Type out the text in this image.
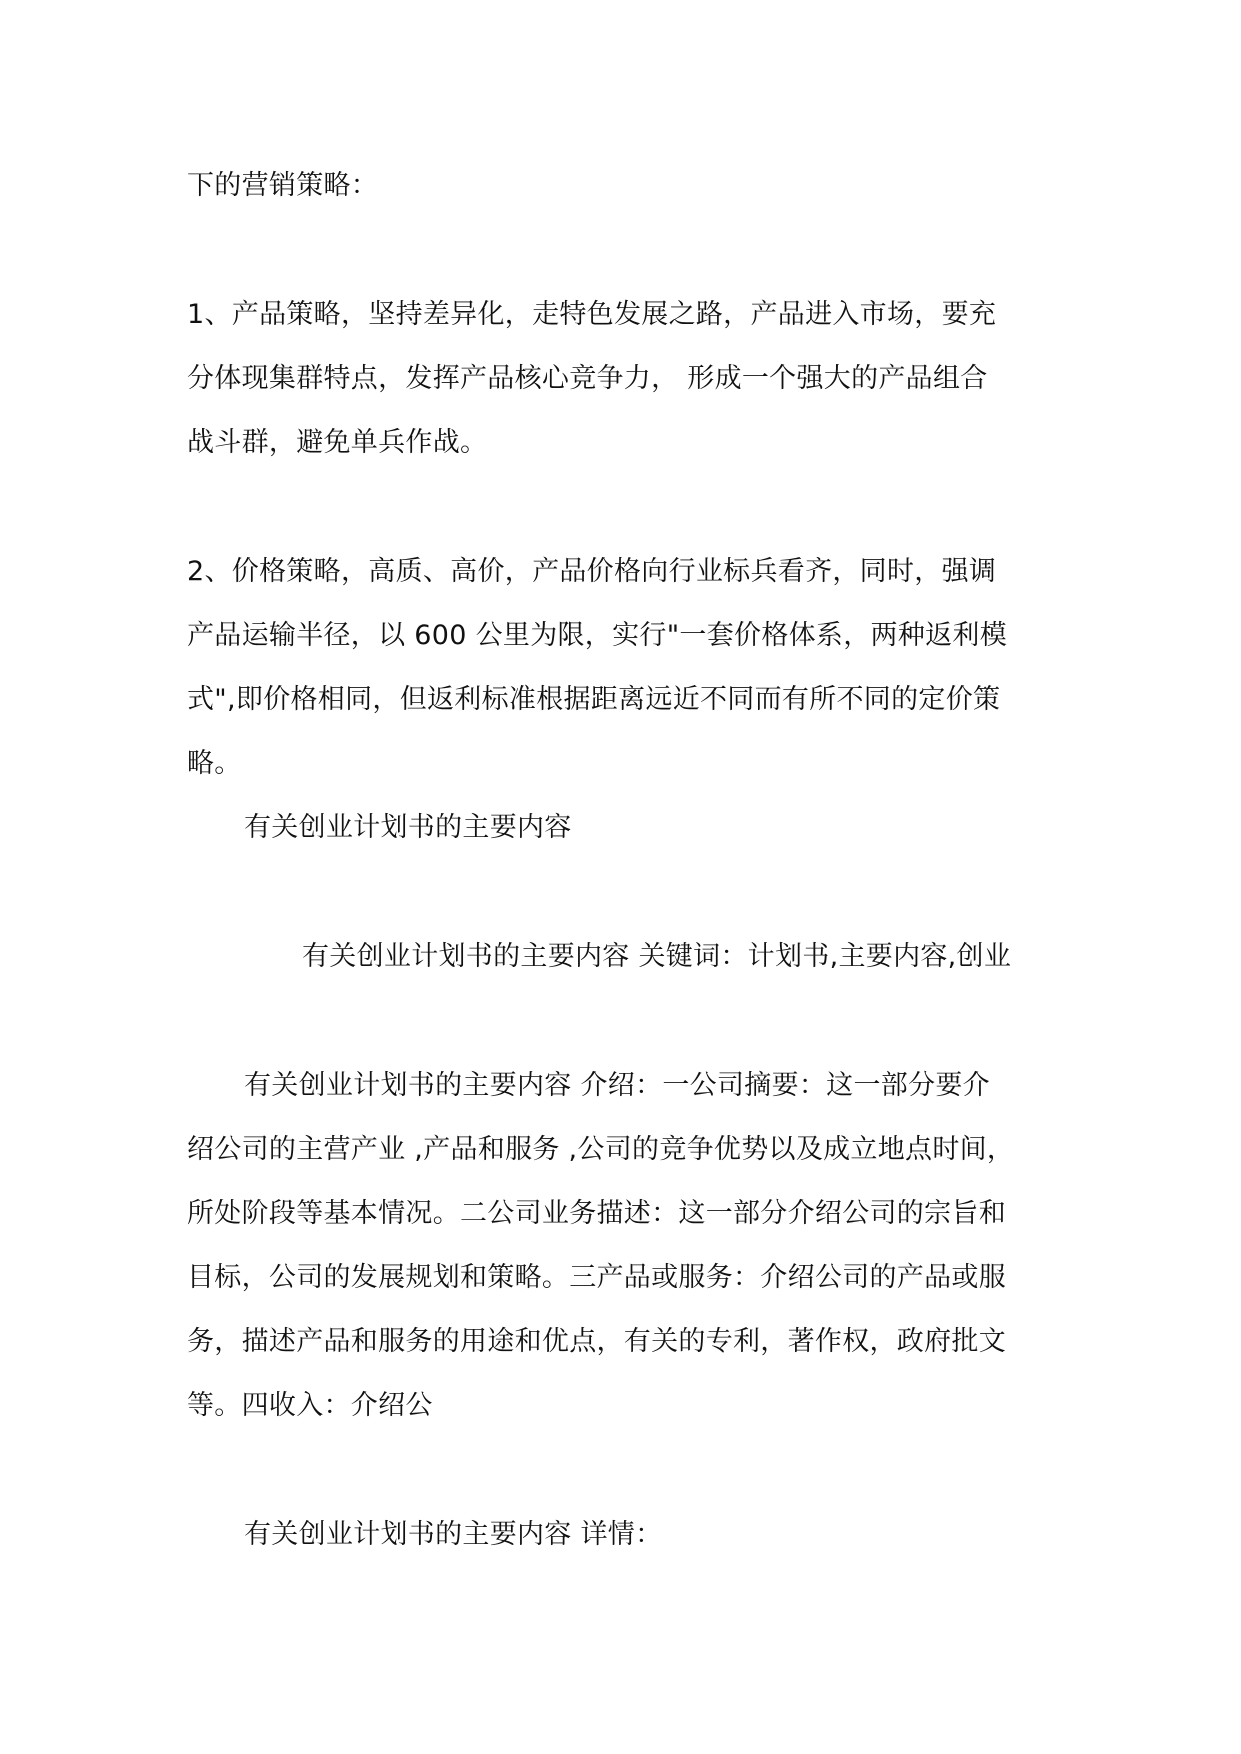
下的营销策略：
1、产品策略，坚持差异化，走特色发展之路，产品进入市场，要充
分体现集群特点，发挥产品核心竞争力， 形成一个强大的产品组合
战斗群，避免单兵作战。
2、价格策略，高质、高价，产品价格向行业标兵看齐，同时，强调
产品运输半径，以 600 公里为限，实行"一套价格体系，两种返利模
式",即价格相同，但返利标准根据距离远近不同而有所不同的定价策
略。
有关创业计划书的主要内容
有关创业计划书的主要内容 关键词：计划书,主要内容,创业
有关创业计划书的主要内容 介绍：一公司摘要：这一部分要介
绍公司的主营产业 ,产品和服务 ,公司的竞争优势以及成立地点时间，
所处阶段等基本情况。二公司业务描述：这一部分介绍公司的宗旨和
目标，公司的发展规划和策略。三产品或服务：介绍公司的产品或服
务，描述产品和服务的用途和优点，有关的专利，著作权，政府批文
等。四收入：介绍公
有关创业计划书的主要内容 详情：
